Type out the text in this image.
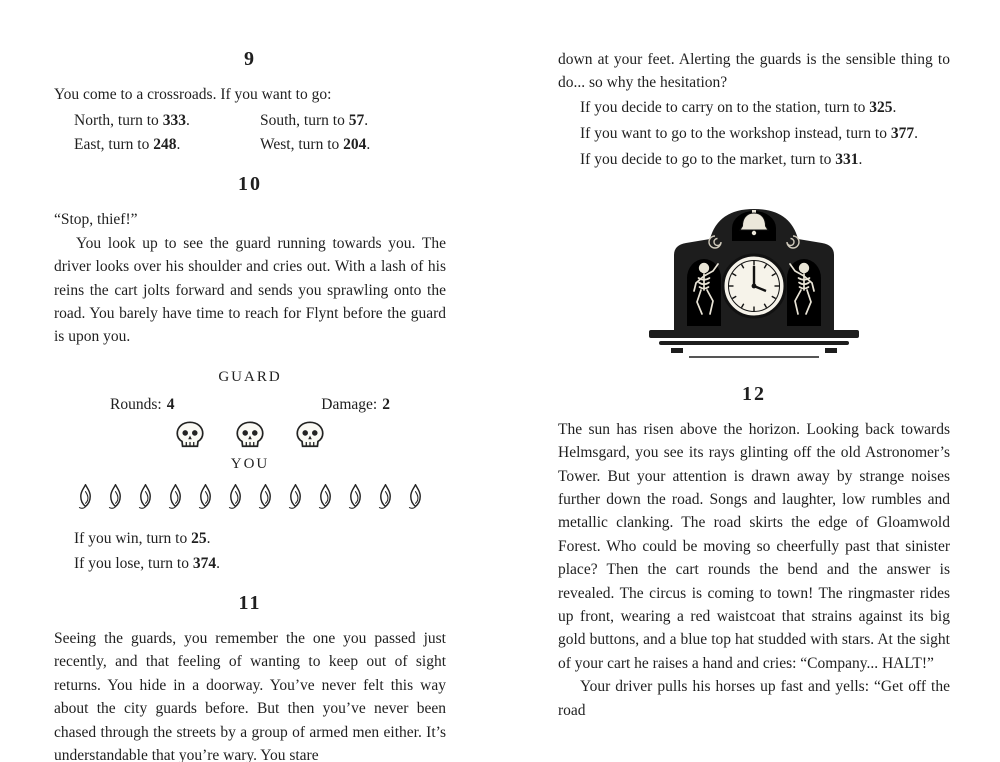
9

You come to a crossroads. If you want to go:

North, turn to 333.	South, turn to 57.

East, turn to 248.	West, turn to 204.

10

“Stop, thief!”

You look up to see the guard running towards you. The driver looks over his shoulder and cries out. With a lash of his reins the cart jolts forward and sends you sprawling onto the road. You barely have time to reach for Flynt before the guard is upon you.

GUARD

Rounds: 4	Damage: 2

YOU

If you win, turn to 25.

If you lose, turn to 374.

11

Seeing the guards, you remember the one you passed just recently, and that feeling of wanting to keep out of sight returns. You hide in a doorway. You’ve never felt this way about the city guards before. But then you’ve never been chased through the streets by a group of armed men either. It’s understandable that you’re wary. You stare

down at your feet. Alerting the guards is the sensible thing to do... so why the hesitation?

If you decide to carry on to the station, turn to 325.

If you want to go to the workshop instead, turn to 377.

If you decide to go to the market, turn to 331.

12

The sun has risen above the horizon. Looking back towards Helmsgard, you see its rays glinting off the old Astronomer’s Tower. But your attention is drawn away by strange noises further down the road. Songs and laughter, low rumbles and metallic clanking. The road skirts the edge of Gloamwold Forest. Who could be moving so cheerfully past that sinister place? Then the cart rounds the bend and the answer is revealed. The circus is coming to town! The ringmaster rides up front, wearing a red waistcoat that strains against its big gold buttons, and a blue top hat studded with stars. At the sight of your cart he raises a hand and cries: “Company... HALT!”

Your driver pulls his horses up fast and yells: “Get off the road
